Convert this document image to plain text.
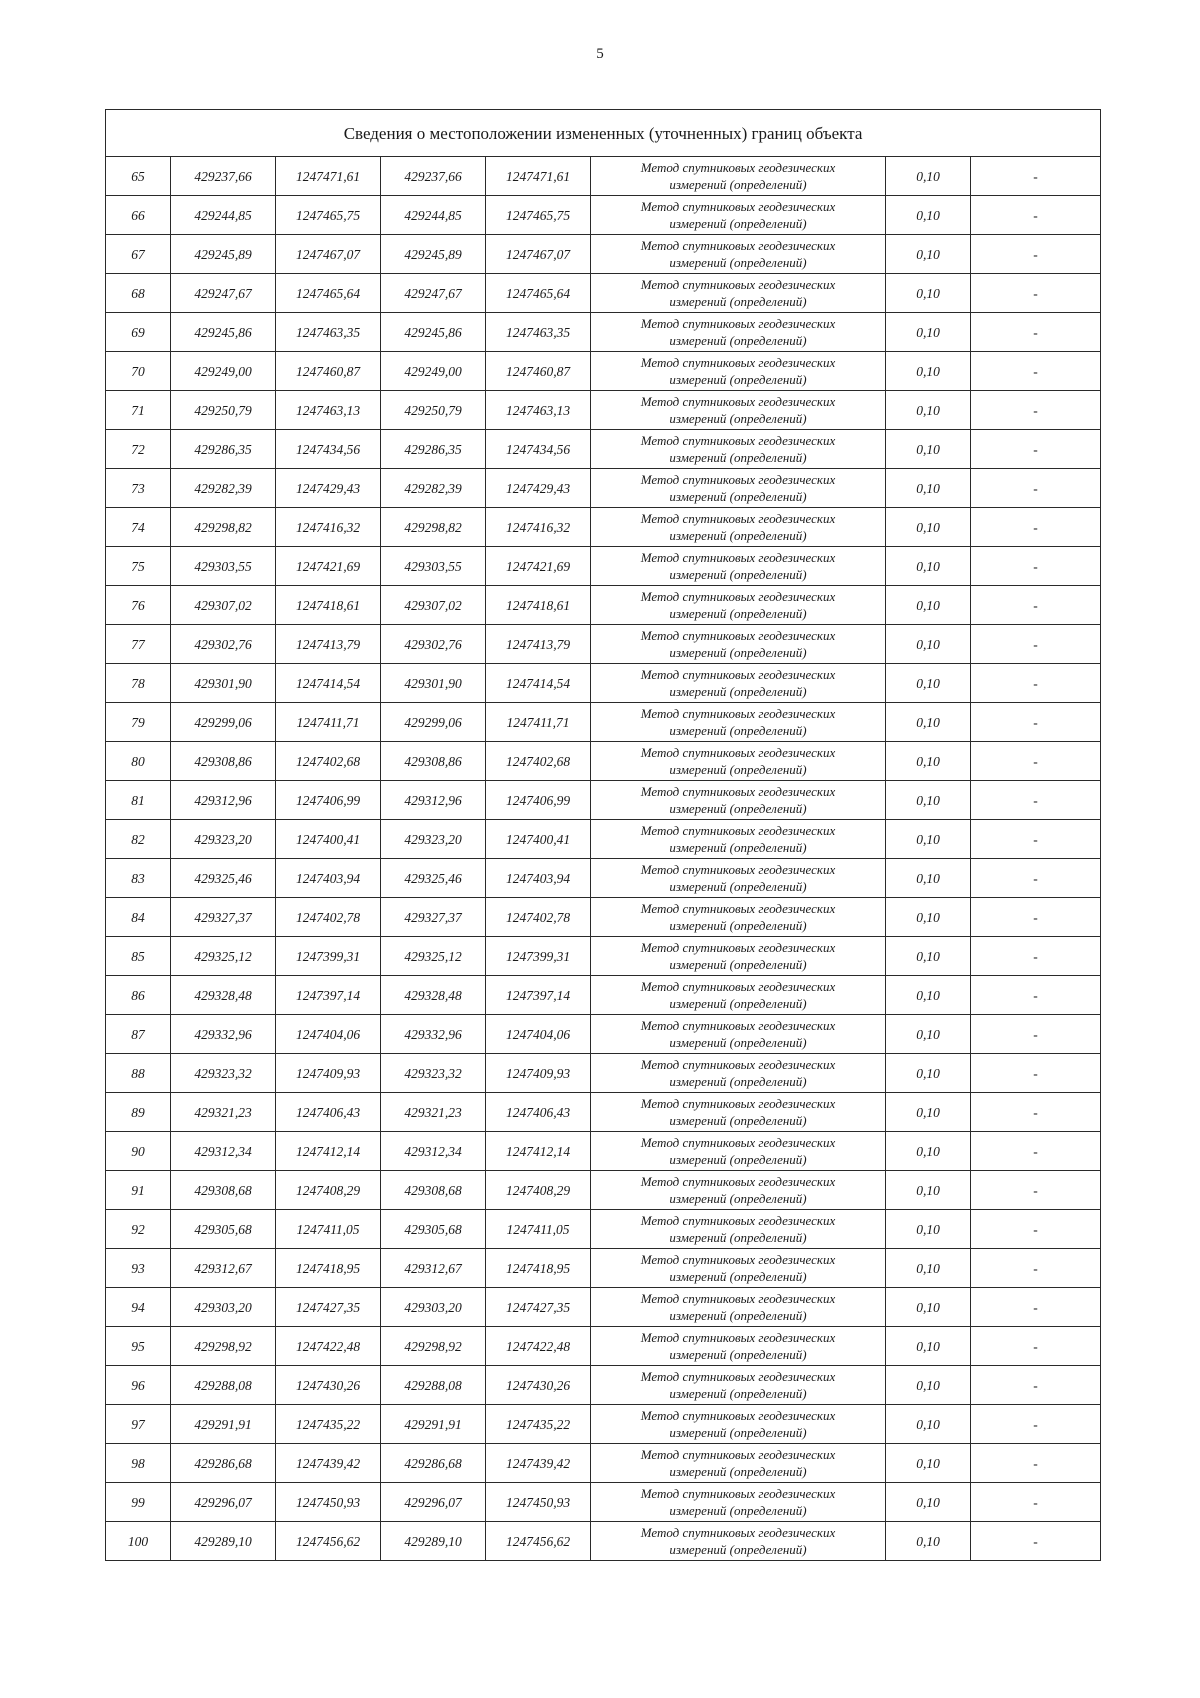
5
Сведения о местоположении измененных (уточненных) границ объекта							
65	429237,66	1247471,61	429237,66	1247471,61	Метод спутниковых геодезических
измерений (определений)	0,10	-
66	429244,85	1247465,75	429244,85	1247465,75	Метод спутниковых геодезических
измерений (определений)	0,10	-
67	429245,89	1247467,07	429245,89	1247467,07	Метод спутниковых геодезических
измерений (определений)	0,10	-
68	429247,67	1247465,64	429247,67	1247465,64	Метод спутниковых геодезических
измерений (определений)	0,10	-
69	429245,86	1247463,35	429245,86	1247463,35	Метод спутниковых геодезических
измерений (определений)	0,10	-
70	429249,00	1247460,87	429249,00	1247460,87	Метод спутниковых геодезических
измерений (определений)	0,10	-
71	429250,79	1247463,13	429250,79	1247463,13	Метод спутниковых геодезических
измерений (определений)	0,10	-
72	429286,35	1247434,56	429286,35	1247434,56	Метод спутниковых геодезических
измерений (определений)	0,10	-
73	429282,39	1247429,43	429282,39	1247429,43	Метод спутниковых геодезических
измерений (определений)	0,10	-
74	429298,82	1247416,32	429298,82	1247416,32	Метод спутниковых геодезических
измерений (определений)	0,10	-
75	429303,55	1247421,69	429303,55	1247421,69	Метод спутниковых геодезических
измерений (определений)	0,10	-
76	429307,02	1247418,61	429307,02	1247418,61	Метод спутниковых геодезических
измерений (определений)	0,10	-
77	429302,76	1247413,79	429302,76	1247413,79	Метод спутниковых геодезических
измерений (определений)	0,10	-
78	429301,90	1247414,54	429301,90	1247414,54	Метод спутниковых геодезических
измерений (определений)	0,10	-
79	429299,06	1247411,71	429299,06	1247411,71	Метод спутниковых геодезических
измерений (определений)	0,10	-
80	429308,86	1247402,68	429308,86	1247402,68	Метод спутниковых геодезических
измерений (определений)	0,10	-
81	429312,96	1247406,99	429312,96	1247406,99	Метод спутниковых геодезических
измерений (определений)	0,10	-
82	429323,20	1247400,41	429323,20	1247400,41	Метод спутниковых геодезических
измерений (определений)	0,10	-
83	429325,46	1247403,94	429325,46	1247403,94	Метод спутниковых геодезических
измерений (определений)	0,10	-
84	429327,37	1247402,78	429327,37	1247402,78	Метод спутниковых геодезических
измерений (определений)	0,10	-
85	429325,12	1247399,31	429325,12	1247399,31	Метод спутниковых геодезических
измерений (определений)	0,10	-
86	429328,48	1247397,14	429328,48	1247397,14	Метод спутниковых геодезических
измерений (определений)	0,10	-
87	429332,96	1247404,06	429332,96	1247404,06	Метод спутниковых геодезических
измерений (определений)	0,10	-
88	429323,32	1247409,93	429323,32	1247409,93	Метод спутниковых геодезических
измерений (определений)	0,10	-
89	429321,23	1247406,43	429321,23	1247406,43	Метод спутниковых геодезических
измерений (определений)	0,10	-
90	429312,34	1247412,14	429312,34	1247412,14	Метод спутниковых геодезических
измерений (определений)	0,10	-
91	429308,68	1247408,29	429308,68	1247408,29	Метод спутниковых геодезических
измерений (определений)	0,10	-
92	429305,68	1247411,05	429305,68	1247411,05	Метод спутниковых геодезических
измерений (определений)	0,10	-
93	429312,67	1247418,95	429312,67	1247418,95	Метод спутниковых геодезических
измерений (определений)	0,10	-
94	429303,20	1247427,35	429303,20	1247427,35	Метод спутниковых геодезических
измерений (определений)	0,10	-
95	429298,92	1247422,48	429298,92	1247422,48	Метод спутниковых геодезических
измерений (определений)	0,10	-
96	429288,08	1247430,26	429288,08	1247430,26	Метод спутниковых геодезических
измерений (определений)	0,10	-
97	429291,91	1247435,22	429291,91	1247435,22	Метод спутниковых геодезических
измерений (определений)	0,10	-
98	429286,68	1247439,42	429286,68	1247439,42	Метод спутниковых геодезических
измерений (определений)	0,10	-
99	429296,07	1247450,93	429296,07	1247450,93	Метод спутниковых геодезических
измерений (определений)	0,10	-
100	429289,10	1247456,62	429289,10	1247456,62	Метод спутниковых геодезических
измерений (определений)	0,10	-
